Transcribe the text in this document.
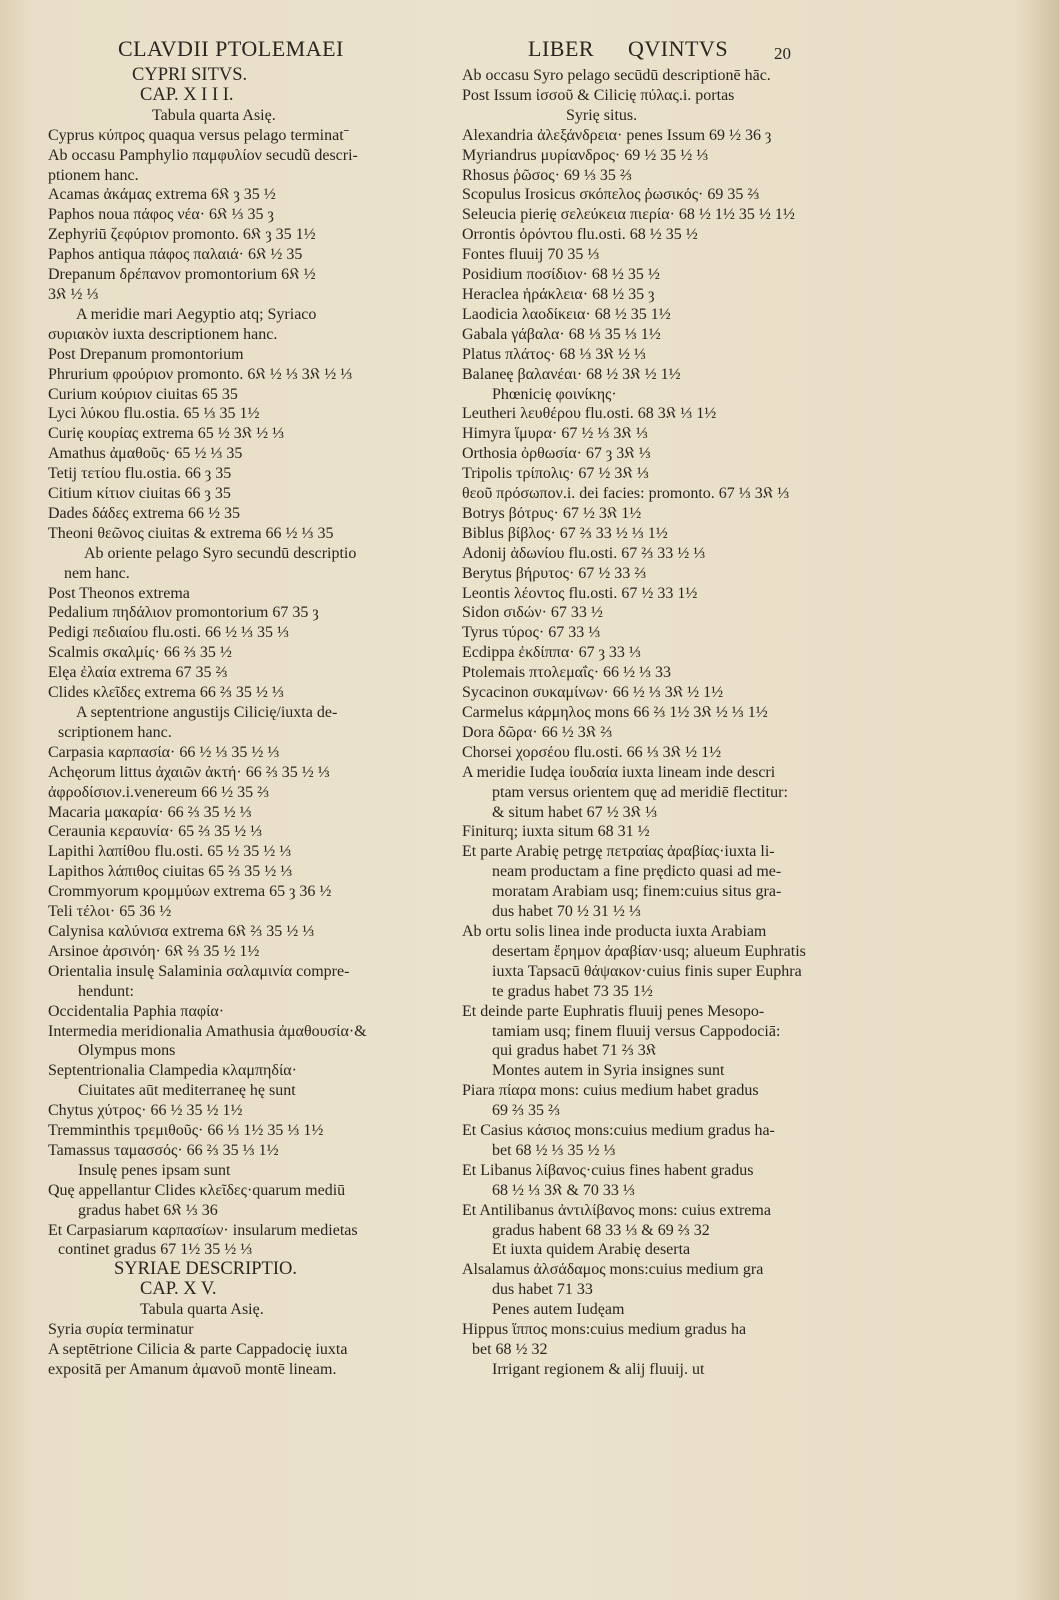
CLAVDII PTOLEMAEI	LIBER QVINTVS	20
CYPRI SITVS.
CAP. X I I I.
Tabula quarta Asię.
Cyprus κύπρος quaqua versus pelago terminatˉ
Ab occasu Pamphylio παμφυλίον secudũ descri-
ptionem hanc.
Acamas ἀκάμας extrema 6𝔎 ȝ 35 ½
Paphos noua πάφος νέα· 6𝔎 ⅓ 35 ȝ
Zephyriū ζεφύριον promonto. 6𝔎 ȝ 35 1½
Paphos antiqua πάφος παλαιά· 6𝔎 ½ 35
Drepanum δρέπανον promontorium 6𝔎 ½
3𝔎 ½ ⅓
A meridie mari Aegyptio atq; Syriaco
συριακὸν iuxta descriptionem hanc.
Post Drepanum promontorium
Phrurium φρούριον promonto. 6𝔎 ½ ⅓ 3𝔎 ½ ⅓
Curium κούριον ciuitas 65 35
Lyci λύκου flu.ostia. 65 ⅓ 35 1½
Curię κουρίας extrema 65 ½ 3𝔎 ½ ⅓
Amathus ἀμαθοῦς· 65 ½ ⅓ 35
Tetij τετίου flu.ostia. 66 ȝ 35
Citium κίτιον ciuitas 66 ȝ 35
Dades δάδες extrema 66 ½ 35
Theoni θεῶνος ciuitas & extrema 66 ½ ⅓ 35
Ab oriente pelago Syro secundū descriptio
nem hanc.
Post Theonos extrema
Pedalium πηδάλιον promontorium 67 35 ȝ
Pedigi πεδιαίου flu.osti. 66 ½ ⅓ 35 ⅓
Scalmis σκαλμίς· 66 ⅔ 35 ½
Elęa ἐλαία extrema 67 35 ⅔
Clides κλεῖδες extrema 66 ⅔ 35 ½ ⅓
A septentrione angustijs Cilicię/iuxta de-
scriptionem hanc.
Carpasia καρπασία· 66 ½ ⅓ 35 ½ ⅓
Achęorum littus ἀχαιῶν ἀκτή· 66 ⅔ 35 ½ ⅓
ἀφροδίσιον.i.venereum 66 ½ 35 ⅔
Macaria μακαρία· 66 ⅔ 35 ½ ⅓
Ceraunia κεραυνία· 65 ⅔ 35 ½ ⅓
Lapithi λαπίθου flu.osti. 65 ½ 35 ½ ⅓
Lapithos λάπιθος ciuitas 65 ⅔ 35 ½ ⅓
Crommyorum κρομμύων extrema 65 ȝ 36 ½
Teli τέλοι· 65 36 ½
Calynisa καλύνισα extrema 6𝔎 ⅔ 35 ½ ⅓
Arsinoe ἀρσινόη· 6𝔎 ⅔ 35 ½ 1½
Orientalia insulę Salaminia σαλαμινία compre-
hendunt:
Occidentalia Paphia παφία·
Intermedia meridionalia Amathusia ἀμαθουσία·&
Olympus mons
Septentrionalia Clampedia κλαμπηδία·
Ciuitates aūt mediterraneę hę sunt
Chytus χύτρος· 66 ½ 35 ½ 1½
Tremminthis τρεμιθοῦς· 66 ⅓ 1½ 35 ⅓ 1½
Tamassus ταμασσός· 66 ⅔ 35 ⅓ 1½
Insulę penes ipsam sunt
Quę appellantur Clides κλεῖδες·quarum mediū
gradus habet 6𝔎 ⅓ 36
Et Carpasiarum καρπασίων· insularum medietas
continet gradus 67 1½ 35 ½ ⅓
SYRIAE DESCRIPTIO.
CAP. X V.
Tabula quarta Asię.
Syria συρία terminatur
A septētrione Cilicia & parte Cappadocię iuxta
expositā per Amanum ἀμανοῦ montē lineam.
Ab occasu Syro pelago secūdū descriptionē hāc.
Post Issum ἰσσοῦ & Cilicię πύλας.i. portas
Syrię situs.
Alexandria ἀλεξάνδρεια· penes Issum 69 ½ 36 ȝ
Myriandrus μυρίανδρος· 69 ½ 35 ½ ⅓
Rhosus ῥῶσος· 69 ⅓ 35 ⅔
Scopulus Irosicus σκόπελος ῥωσικός· 69 35 ⅔
Seleucia pierię σελεύκεια πιερία· 68 ½ 1½ 35 ½ 1½
Orrontis ὀρόντου flu.osti. 68 ½ 35 ½
Fontes fluuij 70 35 ⅓
Posidium ποσίδιον· 68 ½ 35 ½
Heraclea ἡράκλεια· 68 ½ 35 ȝ
Laodicia λαοδίκεια· 68 ½ 35 1½
Gabala γάβαλα· 68 ⅓ 35 ⅓ 1½
Platus πλάτος· 68 ⅓ 3𝔎 ½ ⅓
Balaneę βαλανέαι· 68 ½ 3𝔎 ½ 1½
Phœnicię φοινίκης·
Leutheri λευθέρου flu.osti. 68 3𝔎 ⅓ 1½
Himyra ἵμυρα· 67 ½ ⅓ 3𝔎 ⅓
Orthosia ὀρθωσία· 67 ȝ 3𝔎 ⅓
Tripolis τρίπολις· 67 ½ 3𝔎 ⅓
θεοῦ πρόσωπον.i. dei facies: promonto. 67 ⅓ 3𝔎 ⅓
Botrys βότρυς· 67 ½ 3𝔎 1½
Biblus βίβλος· 67 ⅔ 33 ½ ⅓ 1½
Adonij ἀδωνίου flu.osti. 67 ⅔ 33 ½ ⅓
Berytus βήρυτος· 67 ½ 33 ⅔
Leontis λέοντος flu.osti. 67 ½ 33 1½
Sidon σιδών· 67 33 ½
Tyrus τύρος· 67 33 ⅓
Ecdippa ἐκδίππα· 67 ȝ 33 ⅓
Ptolemais πτολεμαΐς· 66 ½ ⅓ 33
Sycacinon συκαμίνων· 66 ½ ⅓ 3𝔎 ½ 1½
Carmelus κάρμηλος mons 66 ⅔ 1½ 3𝔎 ½ ⅓ 1½
Dora δῶρα· 66 ½ 3𝔎 ⅔
Chorsei χορσέου flu.osti. 66 ⅓ 3𝔎 ½ 1½
A meridie Iudęa ἰουδαία iuxta lineam inde descri
ptam versus orientem quę ad meridiē flectitur:
& situm habet 67 ½ 3𝔎 ⅓
Finiturq; iuxta situm 68 31 ½
Et parte Arabię petrgę πετραίας ἀραβίας·iuxta li-
neam productam a fine prędicto quasi ad me-
moratam Arabiam usq; finem:cuius situs gra-
dus habet 70 ½ 31 ½ ⅓
Ab ortu solis linea inde producta iuxta Arabiam
desertam ἔρημον ἀραβίαν·usq; alueum Euphratis
iuxta Tapsacū θάψακον·cuius finis super Euphra
te gradus habet 73 35 1½
Et deinde parte Euphratis fluuij penes Mesopo-
tamiam usq; finem fluuij versus Cappodociā:
qui gradus habet 71 ⅔ 3𝔎
Montes autem in Syria insignes sunt
Piara πίαρα mons: cuius medium habet gradus
69 ⅔ 35 ⅔
Et Casius κάσιος mons:cuius medium gradus ha-
bet 68 ½ ⅓ 35 ½ ⅓
Et Libanus λίβανος·cuius fines habent gradus
68 ½ ⅓ 3𝔎 & 70 33 ⅓
Et Antilibanus ἀντιλίβανος mons: cuius extrema
gradus habent 68 33 ⅓ & 69 ⅔ 32
Et iuxta quidem Arabię deserta
Alsalamus ἀλσάδαμος mons:cuius medium gra
dus habet 71 33
Penes autem Iudęam
Hippus ἵππος mons:cuius medium gradus ha
bet 68 ½ 32
Irrigant regionem & alij fluuij. ut
